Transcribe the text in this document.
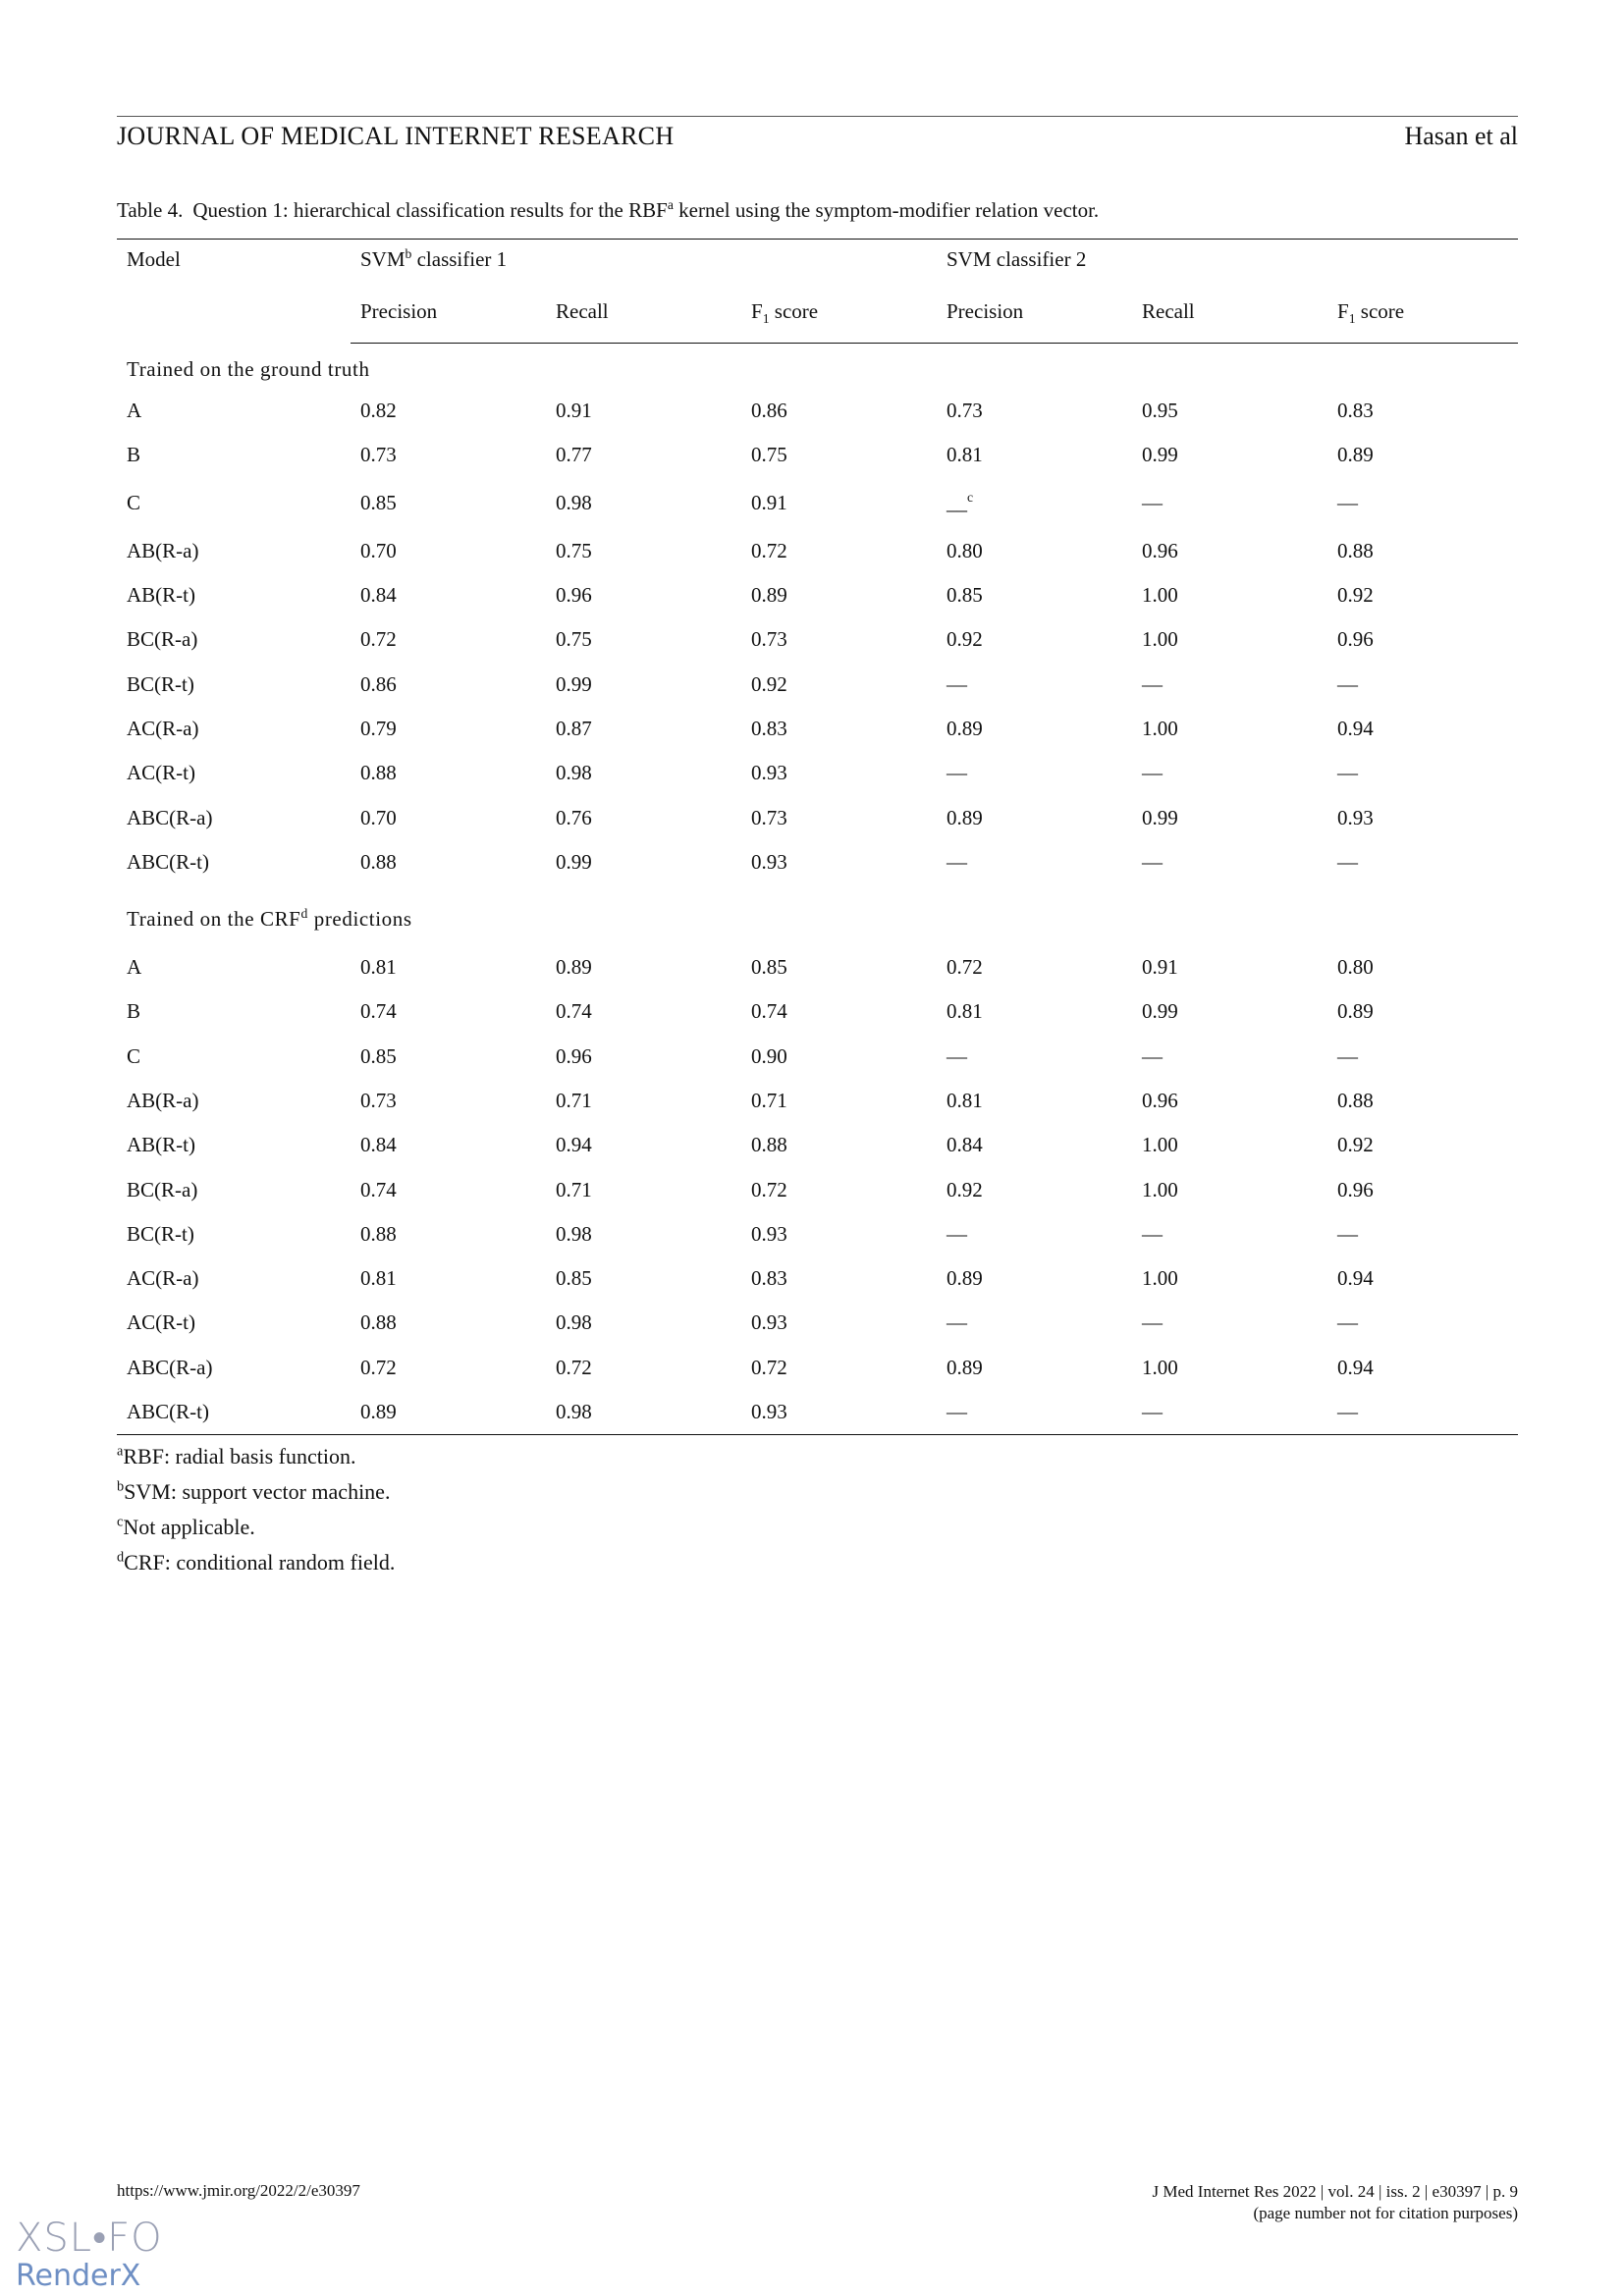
JOURNAL OF MEDICAL INTERNET RESEARCH	Hasan et al
Table 4. Question 1: hierarchical classification results for the RBF$^a$ kernel using the symptom-modifier relation vector.
Model	SVM$^b$ classifier 1			SVM classifier 2		
	Precision	Recall	$F_1$ score	Precision	Recall	$F_1$ score
Trained on the ground truth						
A	0.82	0.91	0.86	0.73	0.95	0.83
B	0.73	0.77	0.75	0.81	0.99	0.89
C	0.85	0.98	0.91	__$^c$	—	—
AB(R-a)	0.70	0.75	0.72	0.80	0.96	0.88
AB(R-t)	0.84	0.96	0.89	0.85	1.00	0.92
BC(R-a)	0.72	0.75	0.73	0.92	1.00	0.96
BC(R-t)	0.86	0.99	0.92	—	—	—
AC(R-a)	0.79	0.87	0.83	0.89	1.00	0.94
AC(R-t)	0.88	0.98	0.93	—	—	—
ABC(R-a)	0.70	0.76	0.73	0.89	0.99	0.93
ABC(R-t)	0.88	0.99	0.93	—	—	—
Trained on the CRF$^d$ predictions						
A	0.81	0.89	0.85	0.72	0.91	0.80
B	0.74	0.74	0.74	0.81	0.99	0.89
C	0.85	0.96	0.90	—	—	—
AB(R-a)	0.73	0.71	0.71	0.81	0.96	0.88
AB(R-t)	0.84	0.94	0.88	0.84	1.00	0.92
BC(R-a)	0.74	0.71	0.72	0.92	1.00	0.96
BC(R-t)	0.88	0.98	0.93	—	—	—
AC(R-a)	0.81	0.85	0.83	0.89	1.00	0.94
AC(R-t)	0.88	0.98	0.93	—	—	—
ABC(R-a)	0.72	0.72	0.72	0.89	1.00	0.94
ABC(R-t)	0.89	0.98	0.93	—	—	—
$^a$RBF: radial basis function.
$^b$SVM: support vector machine.
$^c$Not applicable.
$^d$CRF: conditional random field.
https://www.jmir.org/2022/2/e30397	J Med Internet Res 2022 | vol. 24 | iss. 2 | e30397 | p. 9
(page number not for citation purposes)
XSL•FO
RenderX
